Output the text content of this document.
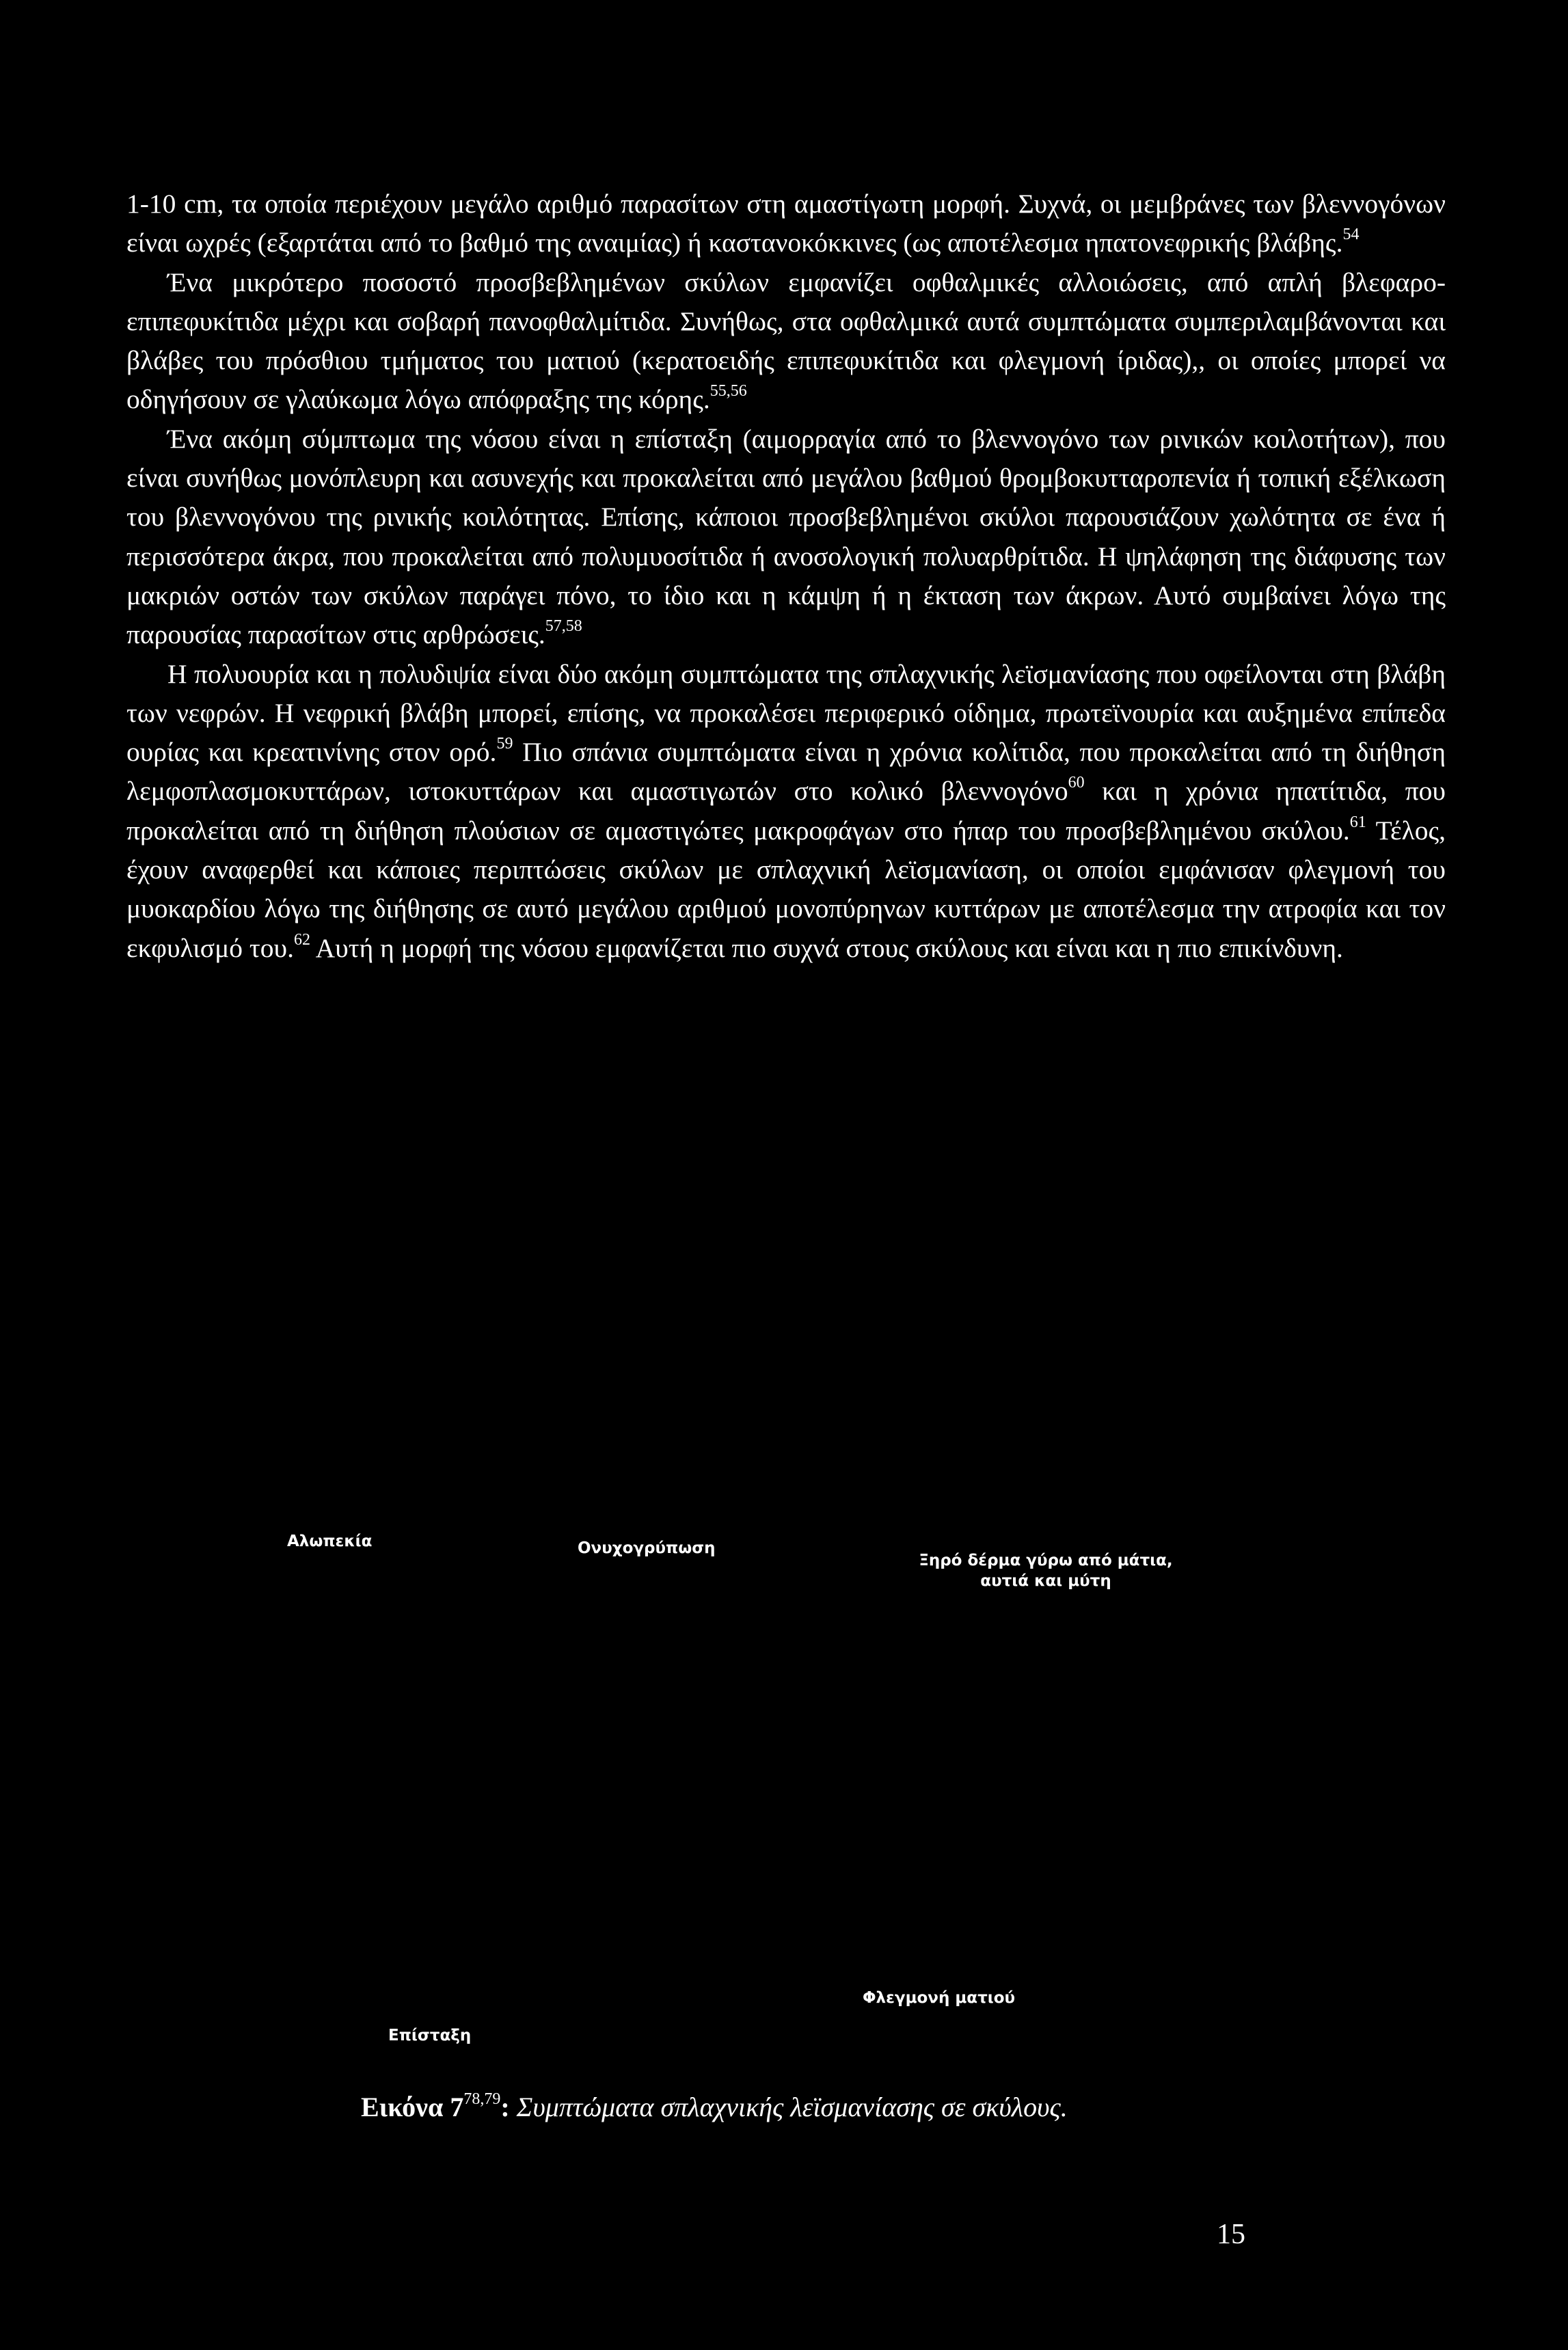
1-10 cm, τα οποία περιέχουν μεγάλο αριθμό παρασίτων στη αμαστίγωτη μορφή. Συχνά, οι μεμβράνες των βλεννογόνων είναι ωχρές (εξαρτάται από το βαθμό της αναιμίας) ή καστανοκόκκινες (ως αποτέλεσμα ηπατονεφρικής βλάβης.$^{54}$

Ένα μικρότερο ποσοστό προσβεβλημένων σκύλων εμφανίζει οφθαλμικές αλλοιώσεις, από απλή βλεφαρο-επιπεφυκίτιδα μέχρι και σοβαρή πανοφθαλμίτιδα. Συνήθως, στα οφθαλμικά αυτά συμπτώματα συμπεριλαμβάνονται και βλάβες του πρόσθιου τμήματος του ματιού (κερατοειδής επιπεφυκίτιδα και φλεγμονή ίριδας),, οι οποίες μπορεί να οδηγήσουν σε γλαύκωμα λόγω απόφραξης της κόρης.$^{55,56}$

Ένα ακόμη σύμπτωμα της νόσου είναι η επίσταξη (αιμορραγία από το βλεννογόνο των ρινικών κοιλοτήτων), που είναι συνήθως μονόπλευρη και ασυνεχής και προκαλείται από μεγάλου βαθμού θρομβοκυτταροπενία ή τοπική εξέλκωση του βλεννογόνου της ρινικής κοιλότητας. Επίσης, κάποιοι προσβεβλημένοι σκύλοι παρουσιάζουν χωλότητα σε ένα ή περισσότερα άκρα, που προκαλείται από πολυμυοσίτιδα ή ανοσολογική πολυαρθρίτιδα. Η ψηλάφηση της διάφυσης των μακριών οστών των σκύλων παράγει πόνο, το ίδιο και η κάμψη ή η έκταση των άκρων. Αυτό συμβαίνει λόγω της παρουσίας παρασίτων στις αρθρώσεις.$^{57,58}$

Η πολυουρία και η πολυδιψία είναι δύο ακόμη συμπτώματα της σπλαχνικής λεϊσμανίασης που οφείλονται στη βλάβη των νεφρών. Η νεφρική βλάβη μπορεί, επίσης, να προκαλέσει περιφερικό οίδημα, πρωτεϊνουρία και αυξημένα επίπεδα ουρίας και κρεατινίνης στον ορό.$^{59}$ Πιο σπάνια συμπτώματα είναι η χρόνια κολίτιδα, που προκαλείται από τη διήθηση λεμφοπλασμοκυττάρων, ιστοκυττάρων και αμαστιγωτών στο κολικό βλεννογόνο$^{60}$ και η χρόνια ηπατίτιδα, που προκαλείται από τη διήθηση πλούσιων σε αμαστιγώτες μακροφάγων στο ήπαρ του προσβεβλημένου σκύλου.$^{61}$ Τέλος, έχουν αναφερθεί και κάποιες περιπτώσεις σκύλων με σπλαχνική λεϊσμανίαση, οι οποίοι εμφάνισαν φλεγμονή του μυοκαρδίου λόγω της διήθησης σε αυτό μεγάλου αριθμού μονοπύρηνων κυττάρων με αποτέλεσμα την ατροφία και τον εκφυλισμό του.$^{62}$ Αυτή η μορφή της νόσου εμφανίζεται πιο συχνά στους σκύλους και είναι και η πιο επικίνδυνη.

Αλωπεκία	Ονυχογρύπωση
Ξηρό δέρμα γύρω από μάτια,
αυτιά και μύτη
Φλεγμονή ματιού
Επίσταξη
Εικόνα 7$^{78,79}$: Συμπτώματα σπλαχνικής λεϊσμανίασης σε σκύλους.
15
